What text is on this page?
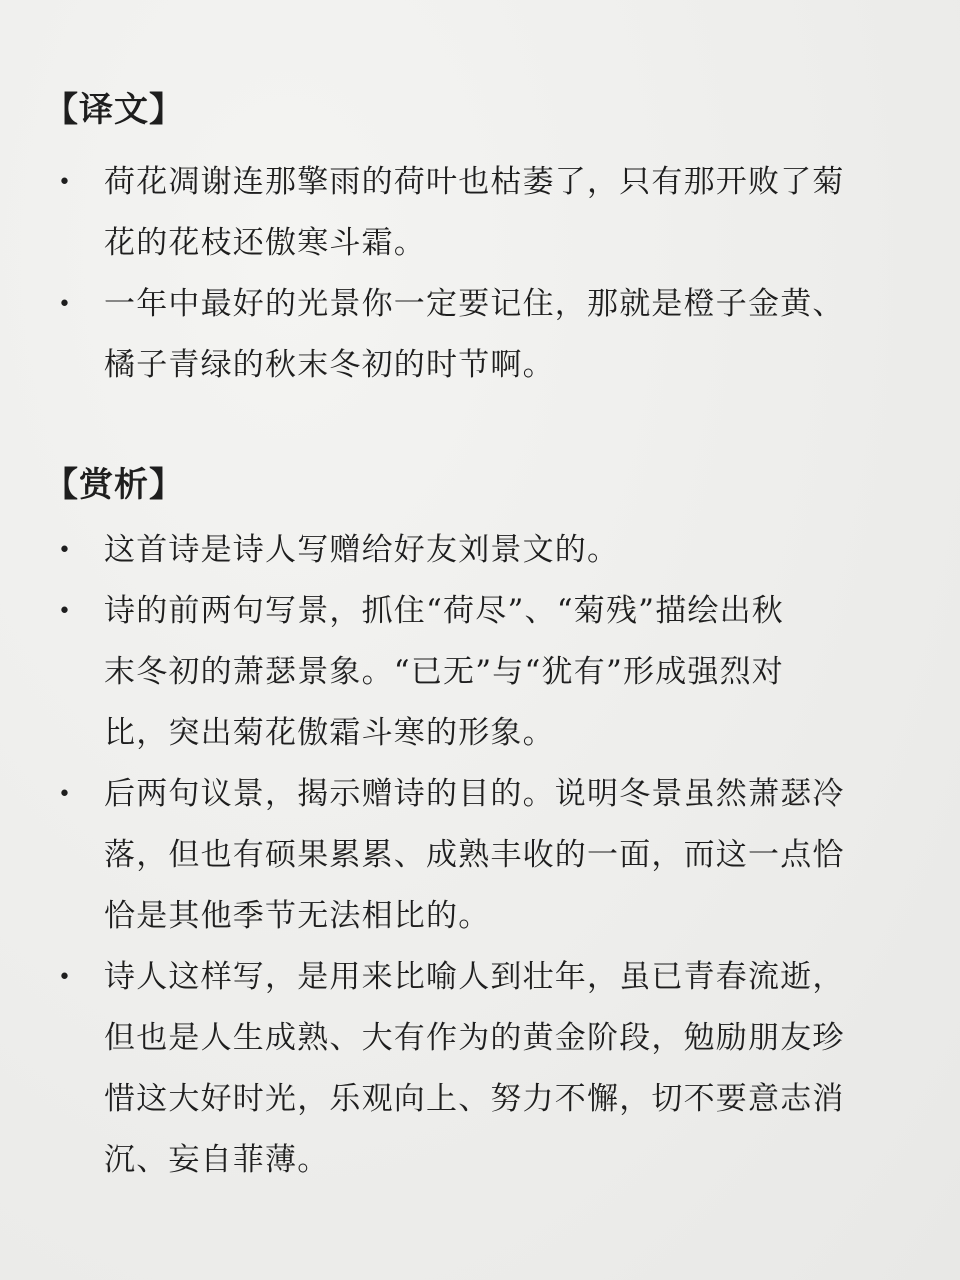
【译文】
• 荷花凋谢连那擎雨的荷叶也枯萎了，只有那开败了菊
花的花枝还傲寒斗霜。
• 一年中最好的光景你一定要记住，那就是橙子金黄、
橘子青绿的秋末冬初的时节啊。
【赏析】
• 这首诗是诗人写赠给好友刘景文的。
• 诗的前两句写景，抓住“荷尽”、“菊残”描绘出秋
末冬初的萧瑟景象。“已无”与“犹有”形成强烈对
比，突出菊花傲霜斗寒的形象。
• 后两句议景，揭示赠诗的目的。说明冬景虽然萧瑟冷
落，但也有硕果累累、成熟丰收的一面，而这一点恰
恰是其他季节无法相比的。
• 诗人这样写，是用来比喻人到壮年，虽已青春流逝，
但也是人生成熟、大有作为的黄金阶段，勉励朋友珍
惜这大好时光，乐观向上、努力不懈，切不要意志消
沉、妄自菲薄。
